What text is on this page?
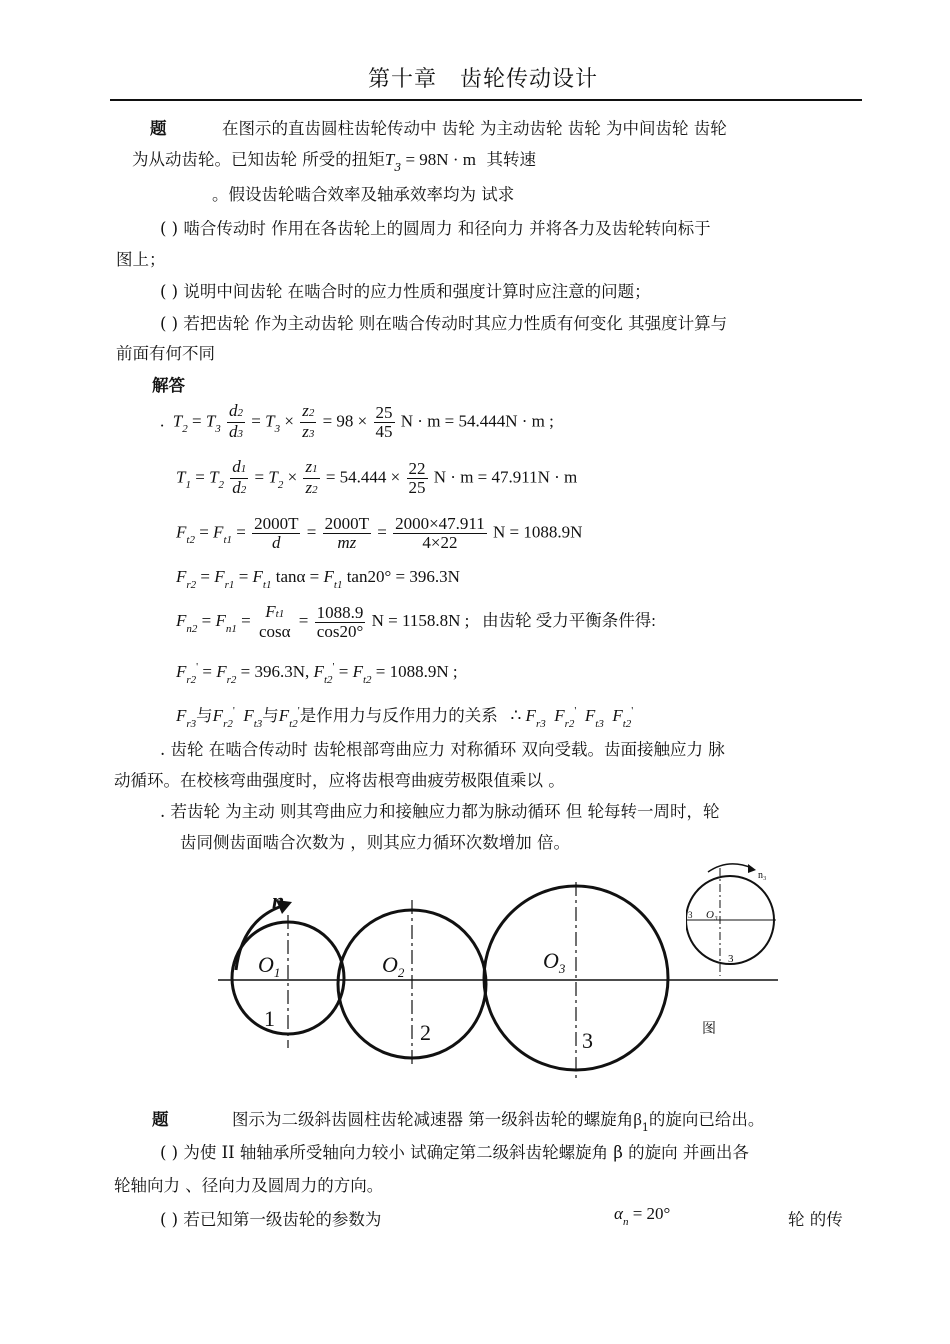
第十章　齿轮传动设计
题	在图示的直齿圆柱齿轮传动中 齿轮 为主动齿轮 齿轮 为中间齿轮 齿轮
为从动齿轮。已知齿轮 所受的扭矩$T_3 = 98N \cdot m$ 其转速
。假设齿轮啮合效率及轴承效率均为 试求
( ) 啮合传动时 作用在各齿轮上的圆周力 和径向力 并将各力及齿轮转向标于
图上；
( ) 说明中间齿轮 在啮合时的应力性质和强度计算时应注意的问题；
( ) 若把齿轮 作为主动齿轮 则在啮合传动时其应力性质有何变化 其强度计算与
前面有何不同
解答
. $T_2 = T_3 \frac{d2}{d3} = T_3 \times \frac{z2}{z3} = 98 \times \frac{25}{45}$ N · m = 54.444N · m ;
$T_1 = T_2 \frac{d1}{d2} = T_2 \times \frac{z1}{z2} = 54.444 \times \frac{22}{25}$ N · m = 47.911N · m
$F_{t2} = F_{t1} = \frac{2000T}{d} = \frac{2000T}{mz} = \frac{2000\times 47.911}{4\times 22}$ N = 1088.9N
$F_{r2} = F_{r1} = F_{t1}$ $\tan\alpha = F_{t1}$ tan20° = 396.3N
$F_{n2} = F_{n1} = Ft1$
cosα
= $\frac{1088.9}{\cos 20^\circ}$ N = 1158.8N ; 由齿轮 受力平衡条件得:
$F_{r2}' = F_{r2} = 396.3N$, $F_{t2}' = F_{t2} = 1088.9N$ ;
$F_{r3}$与$F_{r2}'$ $F_{t3}$与$F_{t2}'$是作用力与反作用力的关系 ∴ $F_{r3}$ $F_{r2}'$ $F_{t3}$ $F_{t2}'$
. 齿轮 在啮合传动时 齿轮根部弯曲应力 对称循环 双向受载。齿面接触应力 脉
动循环。在校核弯曲强度时，应将齿根弯曲疲劳极限值乘以 。
. 若齿轮 为主动 则其弯曲应力和接触应力都为脉动循环 但 轮每转一周时，轮
齿同侧齿面啮合次数为 ，则其应力循环次数增加 倍。
n
$O_1$	$O_2$	$O_3$
1
2	3
n₃
O₃
3
3
图
题	图示为二级斜齿圆柱齿轮减速器 第一级斜齿轮的螺旋角$\beta_1$的旋向已给出。
( ) 为使 II 轴轴承所受轴向力较小 试确定第二级斜齿轮螺旋角 β 的旋向 并画出各
轮轴向力 、径向力及圆周力的方向。
( ) 若已知第一级齿轮的参数为	$\alpha_n = 20^\circ$	轮 的传
